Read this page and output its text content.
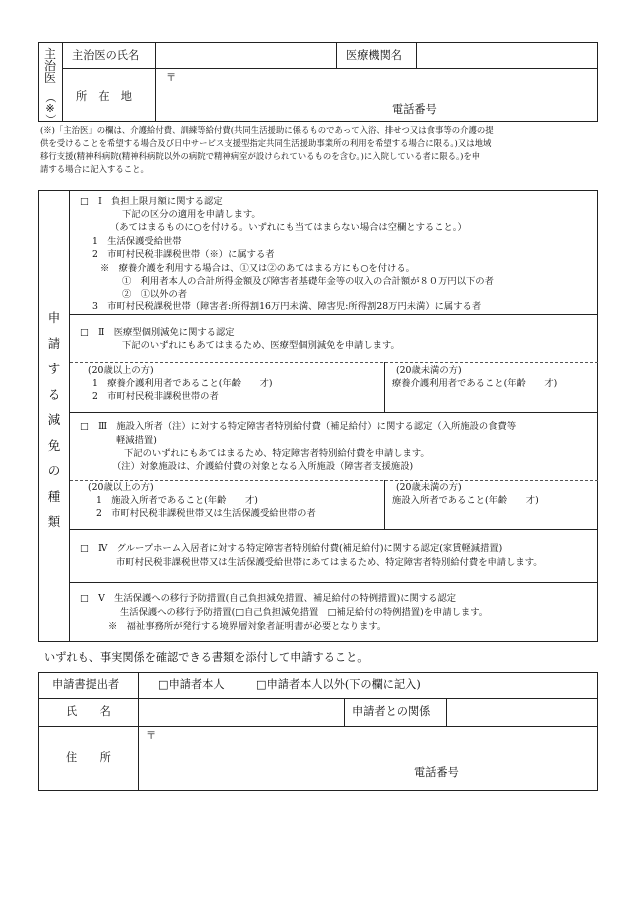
主
治
医
（
※
）
主治医の氏名	医療機関名
所　在　地
〒
電話番号
(※)「主治医」の欄は、介護給付費、訓練等給付費(共同生活援助に係るものであって入浴、排せつ又は食事等の介護の提
供を受けることを希望する場合及び日中サービス支援型指定共同生活援助事業所の利用を希望する場合に限る。)又は地域
移行支援(精神科病院(精神科病院以外の病院で精神病室が設けられているものを含む。)に入院している者に限る。)を申
請する場合に記入すること。
申
請
す
る
減
免
の
種
類
□　Ⅰ　負担上限月額に関する認定
下記の区分の適用を申請します。
（あてはまるものに○を付ける。いずれにも当てはまらない場合は空欄とすること。）
1　生活保護受給世帯
2　市町村民税非課税世帯（※）に属する者
※　療養介護を利用する場合は、①又は②のあてはまる方にも○を付ける。
①　利用者本人の合計所得金額及び障害者基礎年金等の収入の合計額が８０万円以下の者
②　①以外の者
3　市町村民税課税世帯（障害者:所得割16万円未満、障害児:所得割28万円未満）に属する者
□　Ⅱ　医療型個別減免に関する認定
下記のいずれにもあてはまるため、医療型個別減免を申請します。
(20歳以上の方)
1　療養介護利用者であること(年齢　　才)
2　市町村民税非課税世帯の者
(20歳未満の方)
療養介護利用者であること(年齢　　才)
□　Ⅲ　施設入所者（注）に対する特定障害者特別給付費（補足給付）に関する認定（入所施設の食費等
軽減措置)
下記のいずれにもあてはまるため、特定障害者特別給付費を申請します。
（注）対象施設は、介護給付費の対象となる入所施設（障害者支援施設)
(20歳以上の方)
1　施設入所者であること(年齢　　才)
2　市町村民税非課税世帯又は生活保護受給世帯の者
(20歳未満の方)
施設入所者であること(年齢　　才)
□　Ⅳ　グループホーム入居者に対する特定障害者特別給付費(補足給付)に関する認定(家賃軽減措置)
市町村民税非課税世帯又は生活保護受給世帯にあてはまるため、特定障害者特別給付費を申請します。
□　Ⅴ　生活保護への移行予防措置(自己負担減免措置、補足給付の特例措置)に関する認定
生活保護への移行予防措置(□自己負担減免措置　□補足給付の特例措置)を申請します。
※　福祉事務所が発行する境界層対象者証明書が必要となります。
いずれも、事実関係を確認できる書類を添付して申請すること。
申請書提出者	□申請者本人	□申請者本人以外(下の欄に記入)
氏　　名	申請者との関係
住　　所
〒
電話番号
